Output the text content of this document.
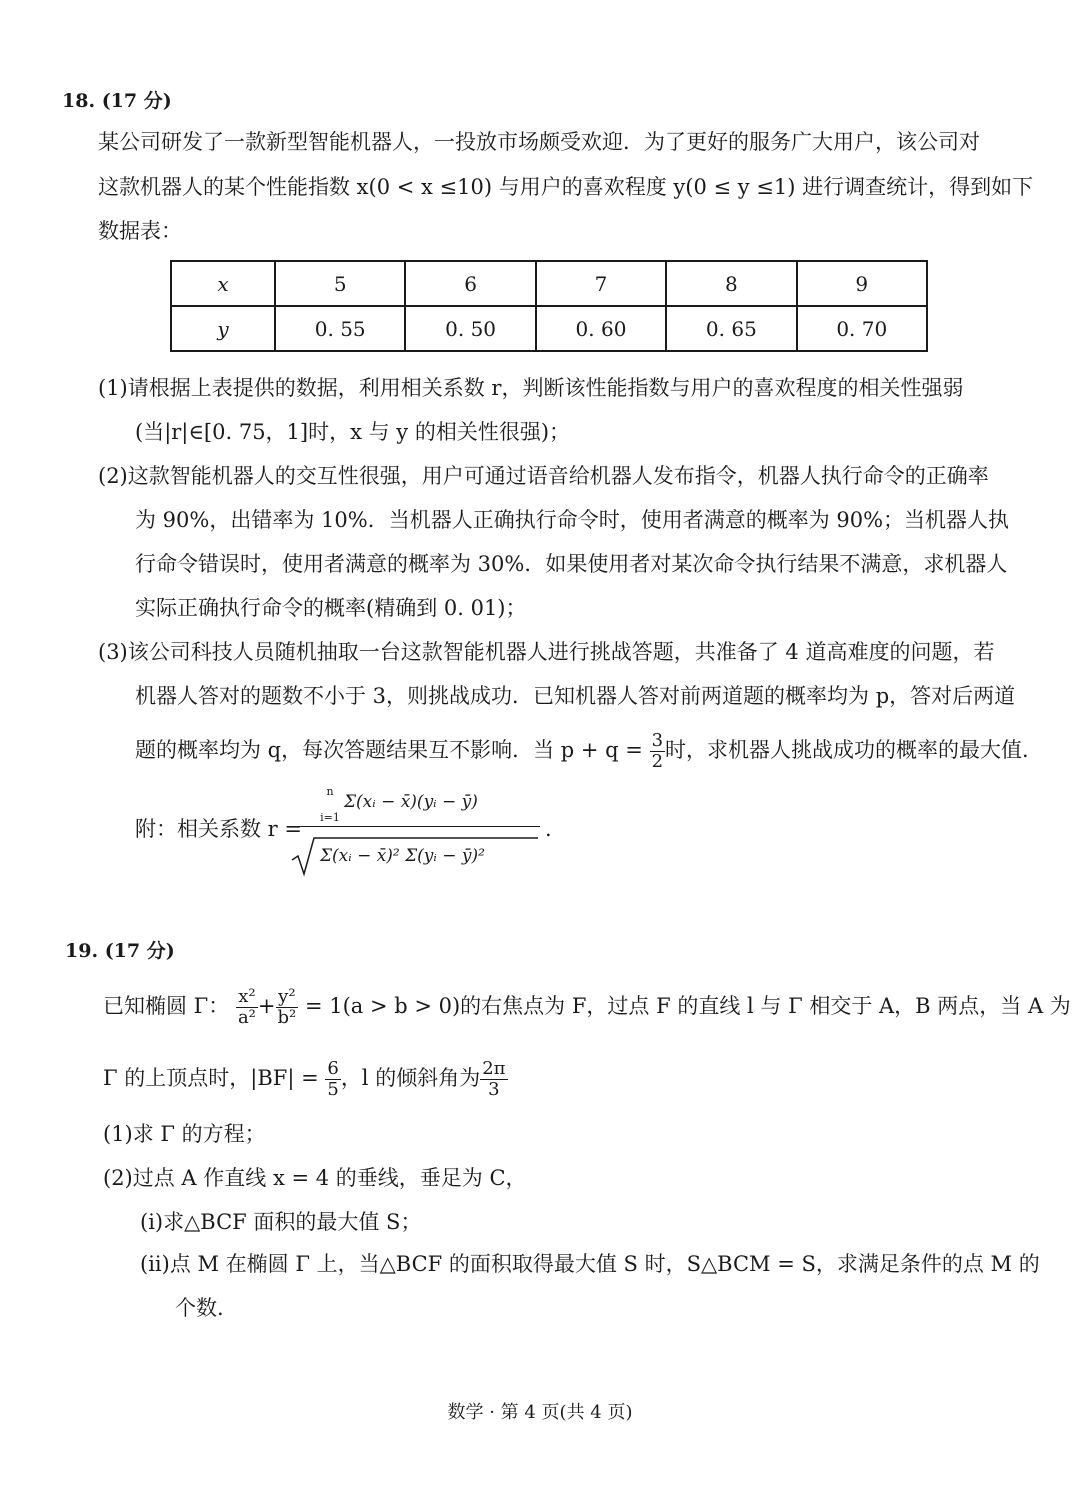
18. (17 分)
某公司研发了一款新型智能机器人，一投放市场颇受欢迎．为了更好的服务广大用户，该公司对
这款机器人的某个性能指数 x(0 < x ≤10) 与用户的喜欢程度 y(0 ≤ y ≤1) 进行调查统计，得到如下
数据表：
x	5	6	7	8	9
y	0. 55	0. 50	0. 60	0. 65	0. 70
(1)请根据上表提供的数据，利用相关系数 r，判断该性能指数与用户的喜欢程度的相关性强弱
(当|r|∈[0. 75，1]时，x 与 y 的相关性很强)；
(2)这款智能机器人的交互性很强，用户可通过语音给机器人发布指令，机器人执行命令的正确率
为 90%，出错率为 10%．当机器人正确执行命令时，使用者满意的概率为 90%；当机器人执
行命令错误时，使用者满意的概率为 30%．如果使用者对某次命令执行结果不满意，求机器人
实际正确执行命令的概率(精确到 0. 01)；
(3)该公司科技人员随机抽取一台这款智能机器人进行挑战答题，共准备了 4 道高难度的问题，若
机器人答对的题数不小于 3，则挑战成功．已知机器人答对前两道题的概率均为 p，答对后两道
题的概率均为 q，每次答题结果互不影响．当 $p + q = \frac{3}{2}$ 时，求机器人挑战成功的概率的最大值．
附：相关系数 r =
n
Σ(xᵢ − x̄)(yᵢ − ȳ)
i=1
Σ(xᵢ − x̄)² Σ(yᵢ − ȳ)²
.
19. (17 分)
已知椭圆 Γ： $\frac{\text{x²}}{\text{a²}} + \frac{\text{y²}}{\text{b²}} = 1(a > b > 0)$的右焦点为 F，过点 F 的直线 l 与 Γ 相交于 A，B 两点，当 A 为
Γ 的上顶点时，$|BF| = \frac{6}{5}$ ，l 的倾斜角为 $\frac{2\pi}{3}$
(1)求 Γ 的方程；
(2)过点 A 作直线 x = 4 的垂线，垂足为 C，
(i)求△BCF 面积的最大值 S；
(ii)点 M 在椭圆 Γ 上，当△BCF 的面积取得最大值 S 时，S△BCM = S，求满足条件的点 M 的
个数.
数学 · 第 4 页(共 4 页)
